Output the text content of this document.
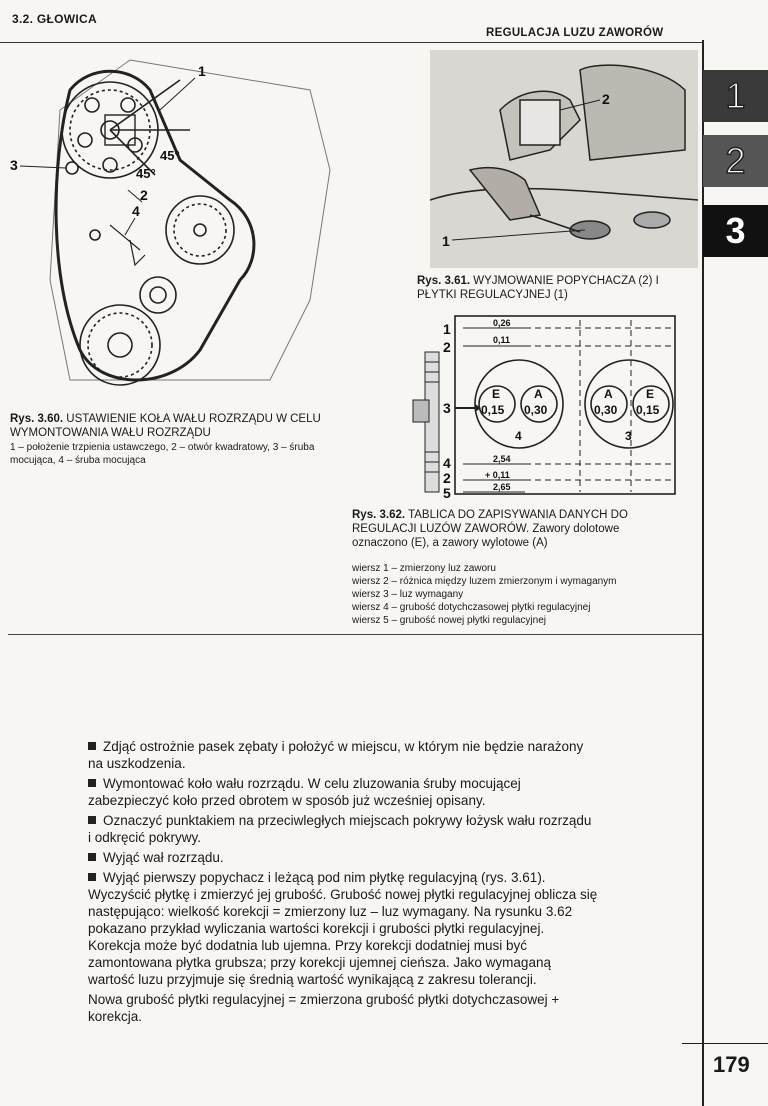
3.2. GŁOWICA
REGULACJA LUZU ZAWORÓW
1
2
3
1
2
3
4
45°
45°
Rys. 3.60. USTAWIENIE KOŁA WAŁU ROZRZĄDU W CELU WYMONTOWANIA WAŁU ROZRZĄDU
1 – położenie trzpienia ustawczego, 2 – otwór kwadratowy, 3 – śruba mocująca, 4 – śruba mocująca
1
2
Rys. 3.61. WYJMOWANIE POPYCHACZA (2) I PŁYTKI REGULACYJNEJ (1)
1
2
3
4
2
5
0,26
0,11
2,54
+ 0,11
2,65
E
0,15
A
0,30
4
A
0,30
E
0,15
3
Rys. 3.62. TABLICA DO ZAPISYWANIA DANYCH DO REGULACJI LUZÓW ZAWORÓW. Zawory dolotowe oznaczono (E), a zawory wylotowe (A)
wiersz 1 – zmierzony luz zaworu
wiersz 2 – różnica między luzem zmierzonym i wymaganym
wiersz 3 – luz wymagany
wiersz 4 – grubość dotychczasowej płytki regulacyjnej
wiersz 5 – grubość nowej płytki regulacyjnej

Zdjąć ostrożnie pasek zębaty i położyć w miejscu, w którym nie będzie narażony na uszkodzenia.

Wymontować koło wału rozrządu. W celu zluzowania śruby mocującej zabezpieczyć koło przed obrotem w sposób już wcześniej opisany.

Oznaczyć punktakiem na przeciwległych miejscach pokrywy łożysk wału rozrządu i odkręcić pokrywy.

Wyjąć wał rozrządu.

Wyjąć pierwszy popychacz i leżącą pod nim płytkę regulacyjną (rys. 3.61). Wyczyścić płytkę i zmierzyć jej grubość. Grubość nowej płytki regulacyjnej oblicza się następująco: wielkość korekcji = zmierzony luz – luz wymagany. Na rysunku 3.62 pokazano przykład wyliczania wartości korekcji i grubości płytki regulacyjnej. Korekcja może być dodatnia lub ujemna. Przy korekcji dodatniej musi być zamontowana płytka grubsza; przy korekcji ujemnej cieńsza. Jako wymaganą wartość luzu przyjmuje się średnią wartość wynikającą z zakresu tolerancji.

Nowa grubość płytki regulacyjnej = zmierzona grubość płytki dotychczasowej + korekcja.

179
